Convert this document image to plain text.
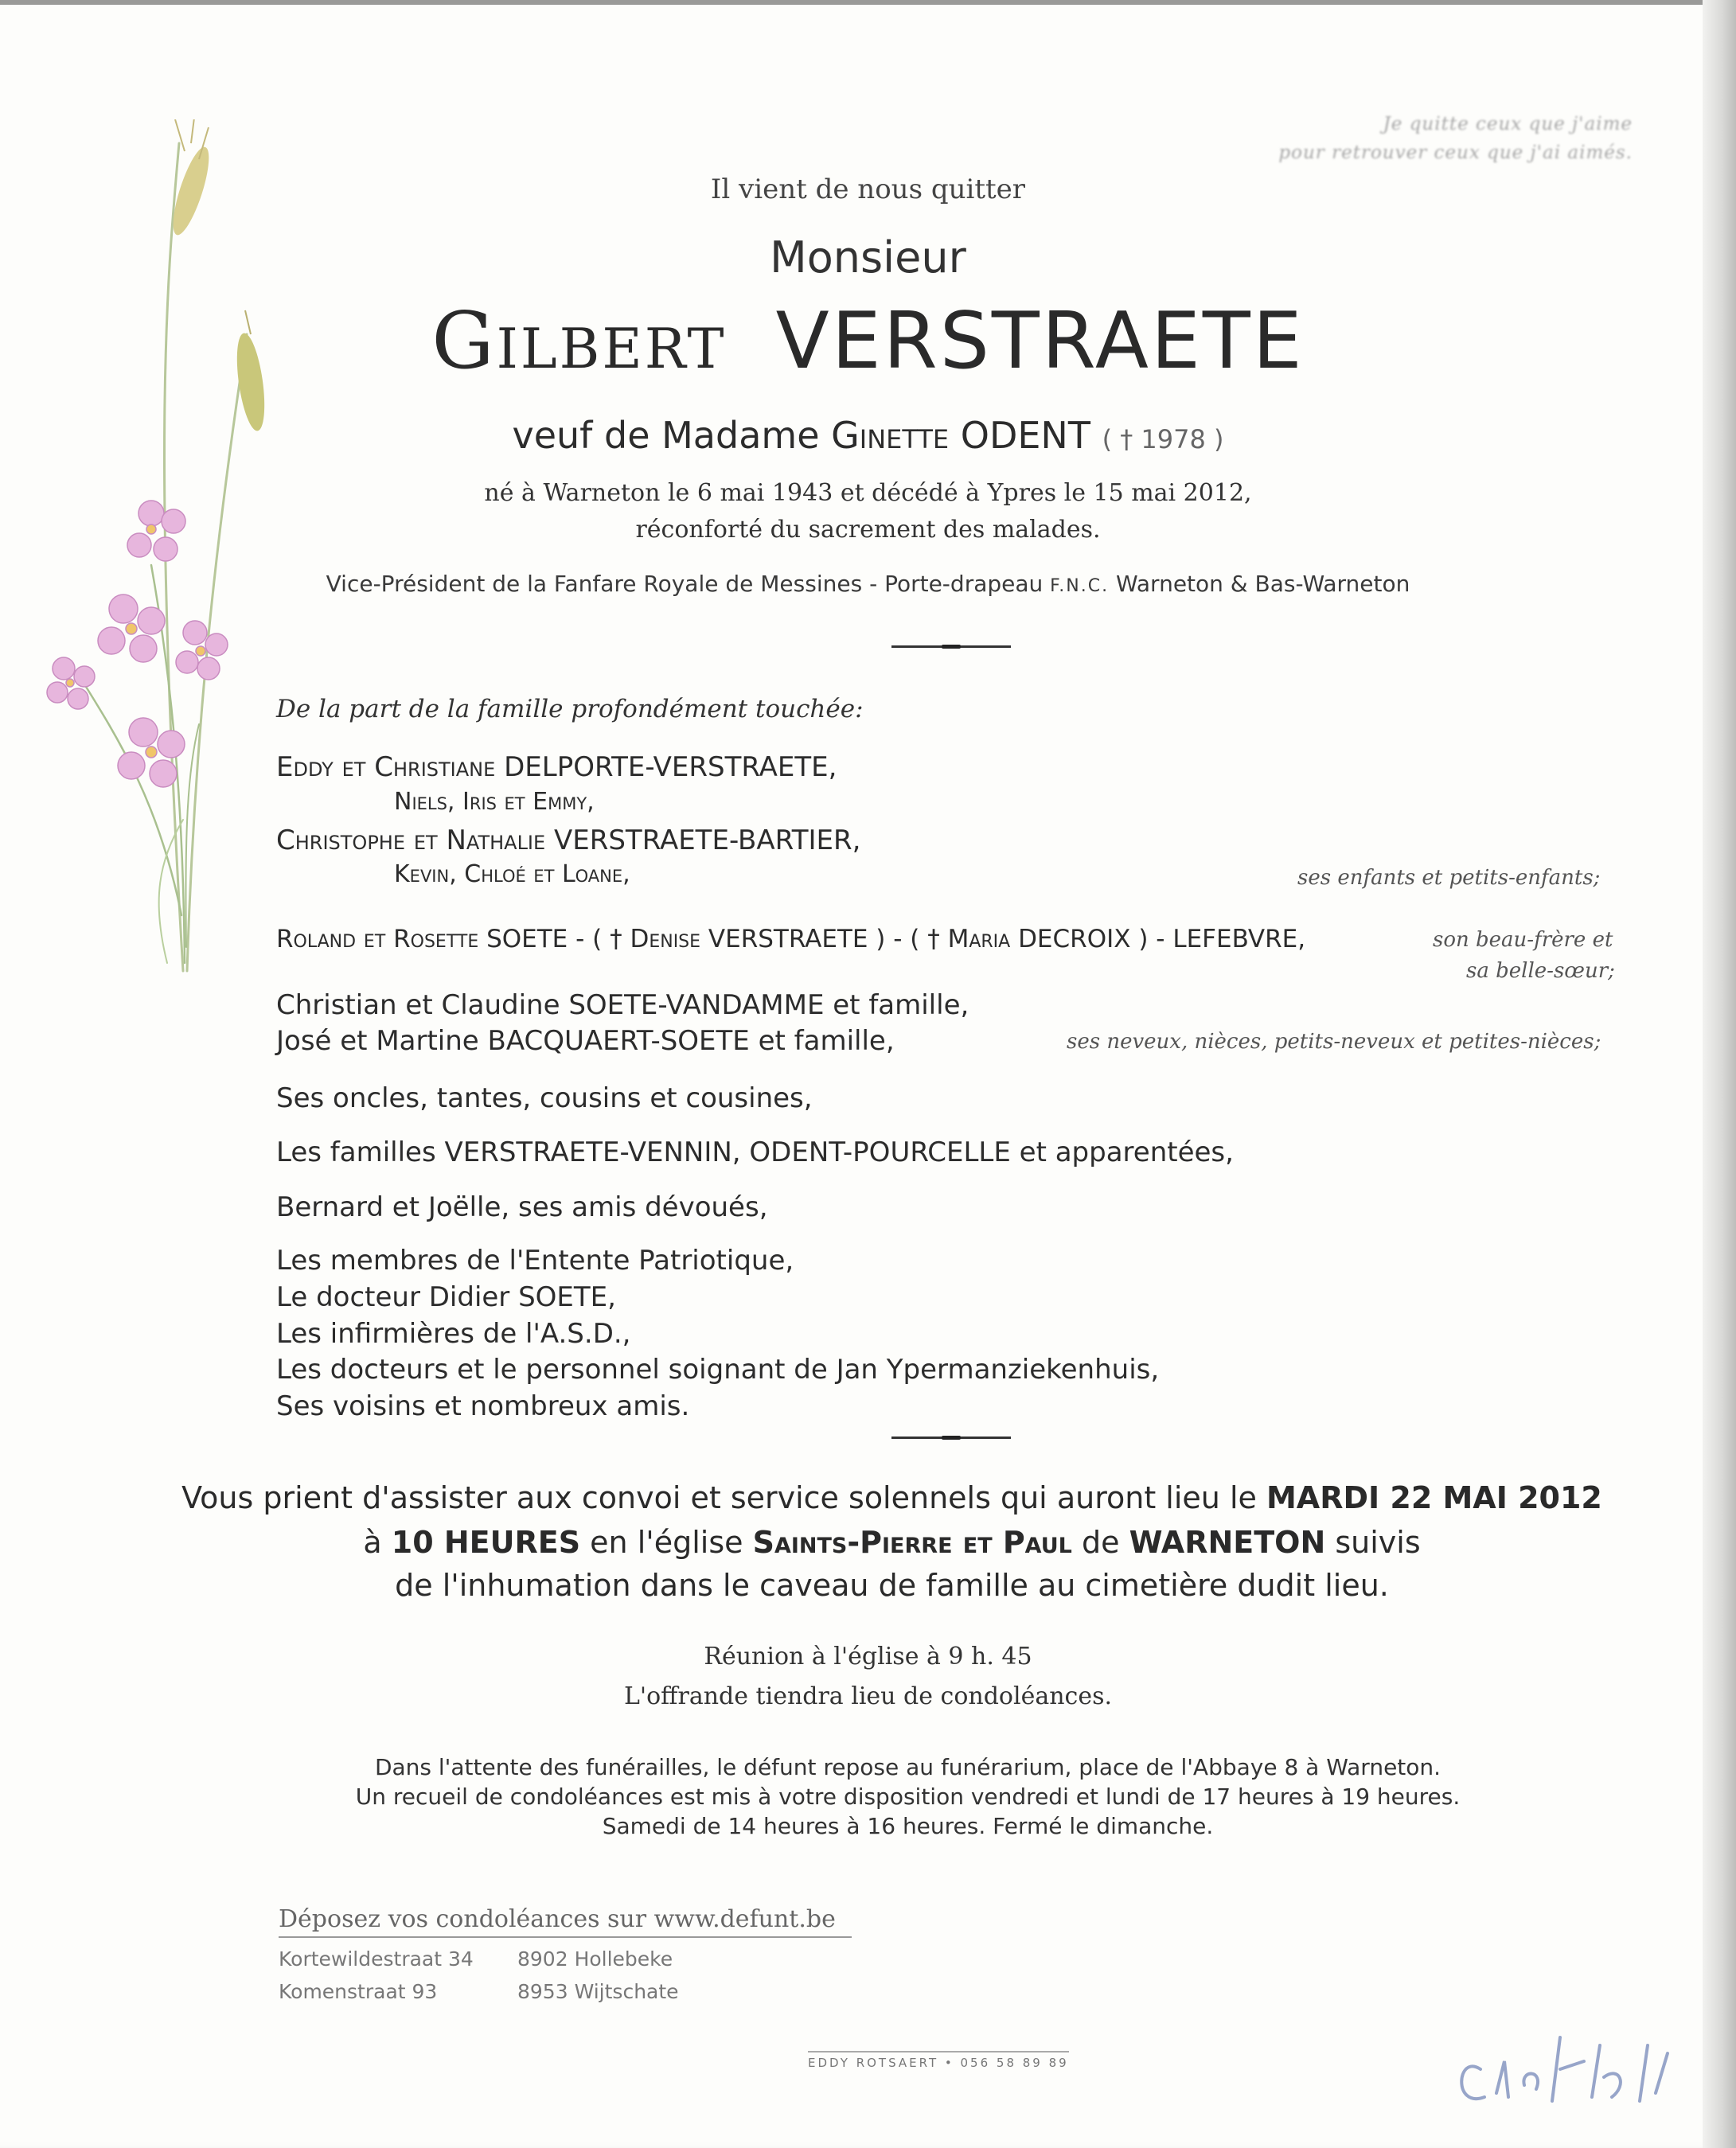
Je quitte ceux que j'aime
pour retrouver ceux que j'ai aimés.
Il vient de nous quitter
Monsieur
Gilbert VERSTRAETE
veuf de Madame Ginette ODENT ( † 1978 )
né à Warneton le 6 mai 1943 et décédé à Ypres le 15 mai 2012,
réconforté du sacrement des malades.
Vice-Président de la Fanfare Royale de Messines - Porte-drapeau F.N.C. Warneton & Bas-Warneton
De la part de la famille profondément touchée:
Eddy et Christiane DELPORTE-VERSTRAETE,
Niels, Iris et Emmy,
Christophe et Nathalie VERSTRAETE-BARTIER,
Kevin, Chloé et Loane,	ses enfants et petits-enfants;
Roland et Rosette SOETE - ( † Denise VERSTRAETE ) - ( † Maria DECROIX ) - LEFEBVRE,	son beau-frère et
sa belle-sœur;
Christian et Claudine SOETE-VANDAMME et famille,
José et Martine BACQUAERT-SOETE et famille,	ses neveux, nièces, petits-neveux et petites-nièces;
Ses oncles, tantes, cousins et cousines,
Les familles VERSTRAETE-VENNIN, ODENT-POURCELLE et apparentées,
Bernard et Joëlle, ses amis dévoués,
Les membres de l'Entente Patriotique,
Le docteur Didier SOETE,
Les infirmières de l'A.S.D.,
Les docteurs et le personnel soignant de Jan Ypermanziekenhuis,
Ses voisins et nombreux amis.
Vous prient d'assister aux convoi et service solennels qui auront lieu le MARDI 22 MAI 2012
à 10 HEURES en l'église Saints-Pierre et Paul de WARNETON suivis
de l'inhumation dans le caveau de famille au cimetière dudit lieu.
Réunion à l'église à 9 h. 45
L'offrande tiendra lieu de condoléances.
Dans l'attente des funérailles, le défunt repose au funérarium, place de l'Abbaye 8 à Warneton.
Un recueil de condoléances est mis à votre disposition vendredi et lundi de 17 heures à 19 heures.
Samedi de 14 heures à 16 heures. Fermé le dimanche.
Déposez vos condoléances sur www.defunt.be
Kortewildestraat 34 8902 Hollebeke
Komenstraat 93	8953 Wijtschate
EDDY ROTSAERT • 056 58 89 89
